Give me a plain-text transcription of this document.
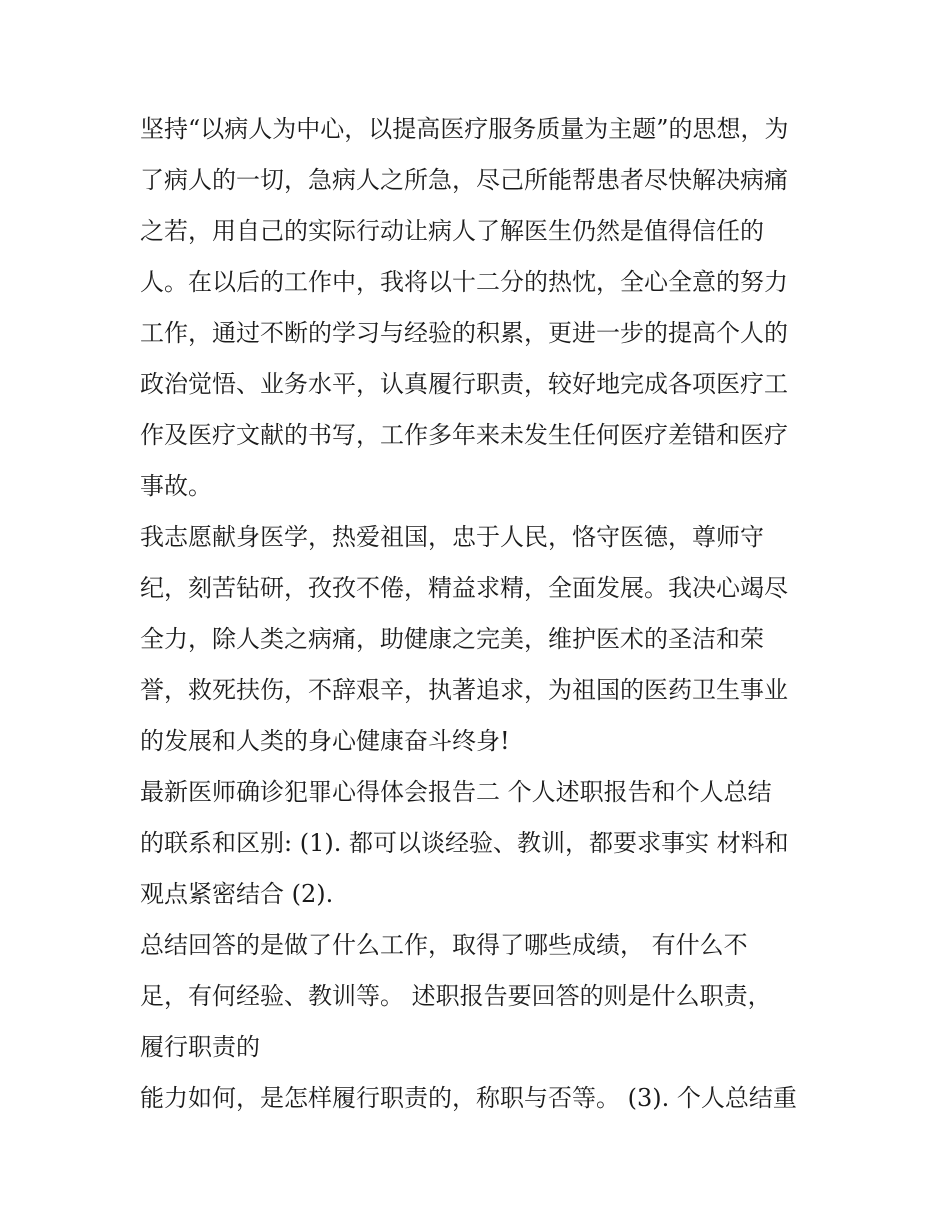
坚持“以病人为中心，以提高医疗服务质量为主题”的思想，为
了病人的一切，急病人之所急，尽己所能帮患者尽快解决病痛
之若，用自己的实际行动让病人了解医生仍然是值得信任的
人。在以后的工作中，我将以十二分的热忱，全心全意的努力
工作，通过不断的学习与经验的积累，更进一步的提高个人的
政治觉悟、业务水平，认真履行职责，较好地完成各项医疗工
作及医疗文献的书写，工作多年来未发生任何医疗差错和医疗
事故。
我志愿献身医学，热爱祖国，忠于人民，恪守医德，尊师守
纪，刻苦钻研，孜孜不倦，精益求精，全面发展。我决心竭尽
全力，除人类之病痛，助健康之完美，维护医术的圣洁和荣
誉，救死扶伤，不辞艰辛，执著追求，为祖国的医药卫生事业
的发展和人类的身心健康奋斗终身!
最新医师确诊犯罪心得体会报告二 个人述职报告和个人总结
的联系和区别: (1). 都可以谈经验、教训，都要求事实 材料和
观点紧密结合 (2).
总结回答的是做了什么工作，取得了哪些成绩， 有什么不
足，有何经验、教训等。 述职报告要回答的则是什么职责，
履行职责的
能力如何，是怎样履行职责的，称职与否等。 (3). 个人总结重
